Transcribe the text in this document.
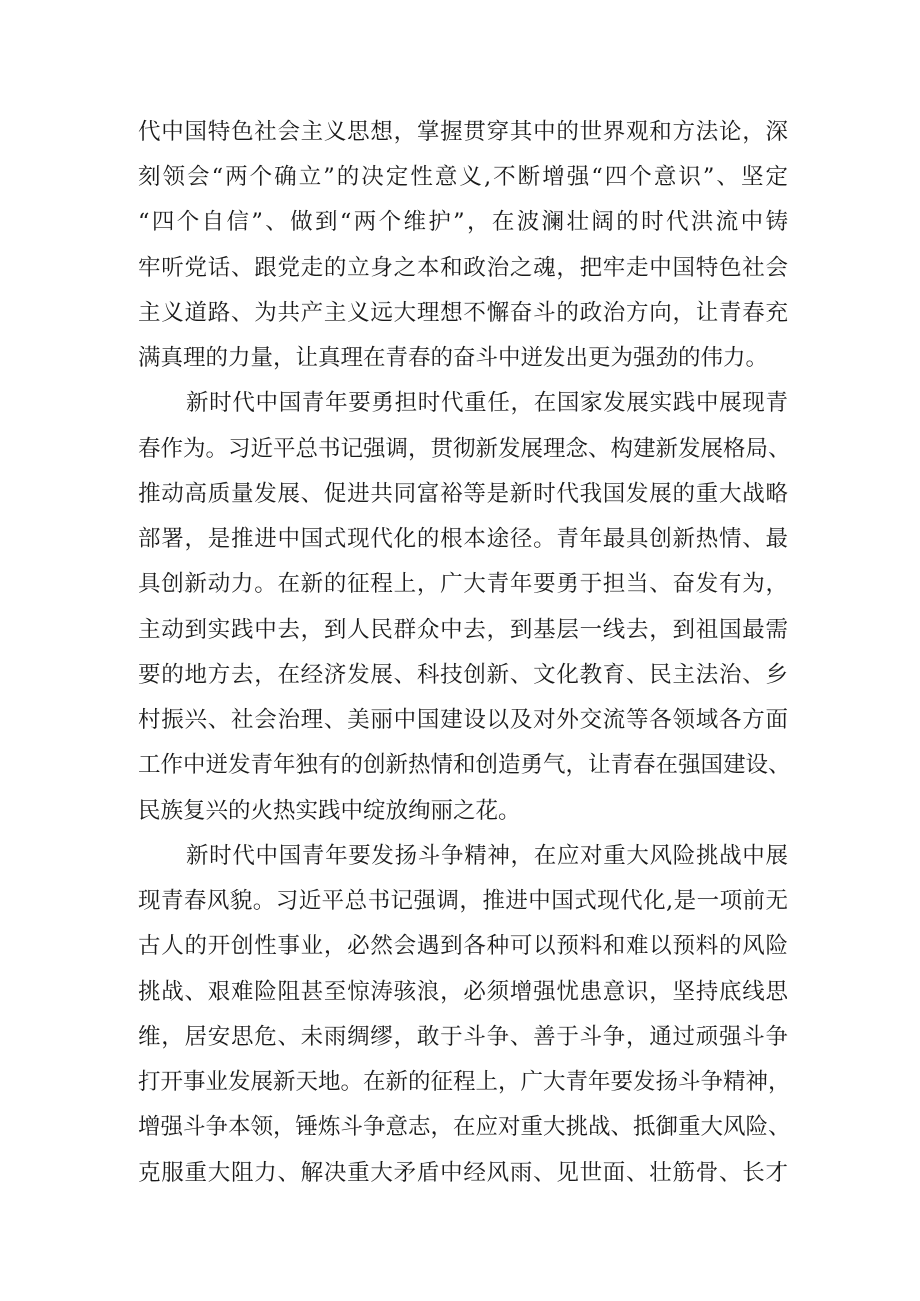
代中国特色社会主义思想，掌握贯穿其中的世界观和方法论，深
刻领会“两个确立”的决定性意义,不断增强“四个意识”、坚定
“四个自信”、做到“两个维护”，在波澜壮阔的时代洪流中铸
牢听党话、跟党走的立身之本和政治之魂，把牢走中国特色社会
主义道路、为共产主义远大理想不懈奋斗的政治方向，让青春充
满真理的力量，让真理在青春的奋斗中迸发出更为强劲的伟力。
新时代中国青年要勇担时代重任，在国家发展实践中展现青
春作为。习近平总书记强调，贯彻新发展理念、构建新发展格局、
推动高质量发展、促进共同富裕等是新时代我国发展的重大战略
部署，是推进中国式现代化的根本途径。青年最具创新热情、最
具创新动力。在新的征程上，广大青年要勇于担当、奋发有为，
主动到实践中去，到人民群众中去，到基层一线去，到祖国最需
要的地方去，在经济发展、科技创新、文化教育、民主法治、乡
村振兴、社会治理、美丽中国建设以及对外交流等各领域各方面
工作中迸发青年独有的创新热情和创造勇气，让青春在强国建设、
民族复兴的火热实践中绽放绚丽之花。
新时代中国青年要发扬斗争精神，在应对重大风险挑战中展
现青春风貌。习近平总书记强调，推进中国式现代化,是一项前无
古人的开创性事业，必然会遇到各种可以预料和难以预料的风险
挑战、艰难险阻甚至惊涛骇浪，必须增强忧患意识，坚持底线思
维，居安思危、未雨绸缪，敢于斗争、善于斗争，通过顽强斗争
打开事业发展新天地。在新的征程上，广大青年要发扬斗争精神，
增强斗争本领，锤炼斗争意志，在应对重大挑战、抵御重大风险、
克服重大阻力、解决重大矛盾中经风雨、见世面、壮筋骨、长才
